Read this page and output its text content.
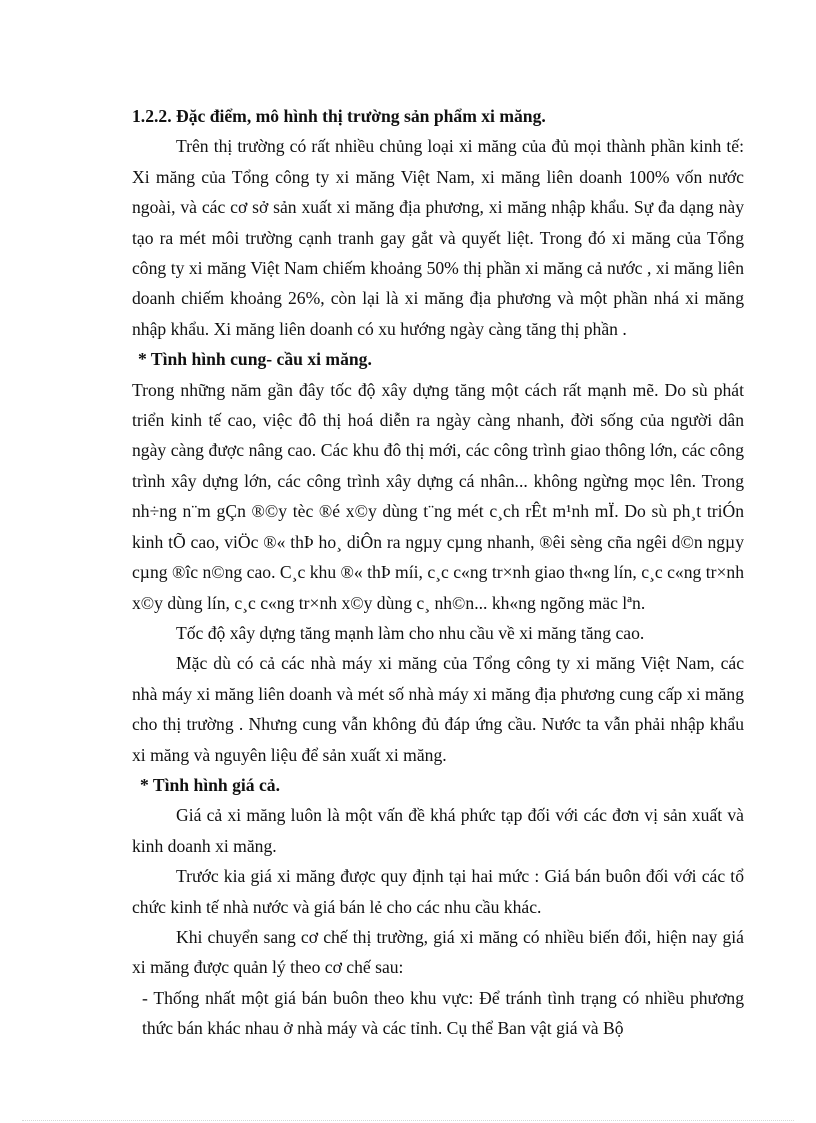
1.2.2. Đặc điểm, mô hình thị trường sản phẩm xi măng.

Trên thị trường có rất nhiều chủng loại xi măng của đủ mọi thành phần kinh tế: Xi măng của Tổng công ty xi măng Việt Nam, xi măng liên doanh 100% vốn nước ngoài, và các cơ sở sản xuất xi măng địa phương, xi măng nhập khẩu. Sự đa dạng này tạo ra mét môi trường cạnh tranh gay gắt và quyết liệt. Trong đó xi măng của Tổng công ty xi măng Việt Nam chiếm khoảng 50% thị phần xi măng cả nước , xi măng liên doanh chiếm khoảng 26%, còn lại là xi măng địa phương và một phần nhá xi măng nhập khẩu. Xi măng liên doanh có xu hướng ngày càng tăng thị phần .

* Tình hình cung- cầu xi măng.

Trong những năm gần đây tốc độ xây dựng tăng một cách rất mạnh mẽ. Do sù phát triển kinh tế cao, việc đô thị hoá diễn ra ngày càng nhanh, đời sống của người dân ngày càng được nâng cao. Các khu đô thị mới, các công trình giao thông lớn, các công trình xây dựng lớn, các công trình xây dựng cá nhân... không ngừng mọc lên. Trong nh÷ng n¨m gÇn ®©y tèc ®é x©y dùng t¨ng mét c¸ch rÊt m¹nh mÏ. Do sù ph¸t triÓn kinh tÕ cao, viÖc ®« thÞ ho¸ diÔn ra ngµy cµng nhanh, ®êi sèng cña ngêi d©n ngµy cµng ®îc n©ng cao. C¸c khu ®« thÞ míi, c¸c c«ng tr×nh giao th«ng lín, c¸c c«ng tr×nh x©y dùng lín, c¸c c«ng tr×nh x©y dùng c¸ nh©n... kh«ng ngõng mäc lªn.

Tốc độ xây dựng tăng mạnh làm cho nhu cầu về xi măng tăng cao.

Mặc dù có cả các nhà máy xi măng của Tổng công ty xi măng Việt Nam, các nhà máy xi măng liên doanh và mét số nhà máy xi măng địa phương cung cấp xi măng cho thị trường . Nhưng cung vẫn không đủ đáp ứng cầu. Nước ta vẫn phải nhập khẩu xi măng và nguyên liệu để sản xuất xi măng.

* Tình hình giá cả.

Giá cả xi măng luôn là một vấn đề khá phức tạp đối với các đơn vị sản xuất và kinh doanh xi măng.

Trước kia giá xi măng được quy định tại hai mức : Giá bán buôn đối với các tổ chức kinh tế nhà nước và giá bán lẻ cho các nhu cầu khác.

Khi chuyển sang cơ chế thị trường, giá xi măng có nhiều biến đổi, hiện nay giá xi măng được quản lý theo cơ chế sau:

- Thống nhất một giá bán buôn theo khu vực: Để tránh tình trạng có nhiều phương thức bán khác nhau ở nhà máy và các tỉnh. Cụ thể Ban vật giá và Bộ
